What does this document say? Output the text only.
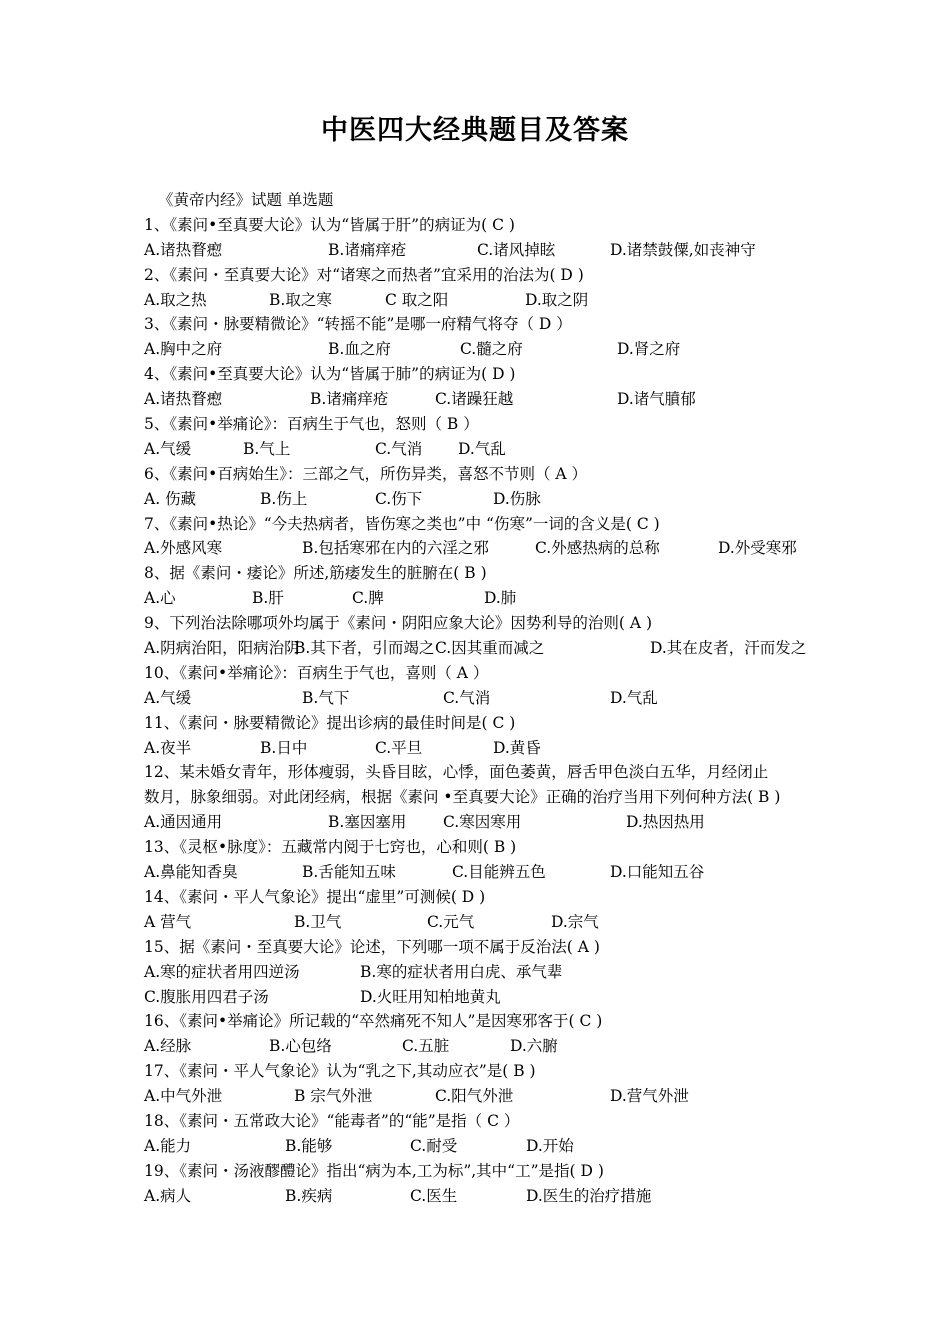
中医四大经典题目及答案
《黄帝内经》试题 单选题
1、《素问•至真要大论》认为“皆属于肝”的病证为( C )
A.诸热瞀瘛	B.诸痛痒疮	C.诸风掉眩	D.诸禁鼓僳,如丧神守
2、《素问・至真要大论》对“诸寒之而热者”宜采用的治法为( D )
A.取之热	B.取之寒	C 取之阳	D.取之阴
3、《素问・脉要精微论》“转摇不能”是哪一府精气将夺（ D ）
A.胸中之府	B.血之府	C.髓之府	D.肾之府
4、《素问•至真要大论》认为“皆属于肺”的病证为( D )
A.诸热瞀瘛	B.诸痛痒疮	C.诸躁狂越	D.诸气膹郁
5、《素问•举痛论》：百病生于气也，怒则（ B ）
A.气缓	B.气上	C.气消 D.气乱
6、《素问•百病始生》：三部之气，所伤异类，喜怒不节则（ A ）
A. 伤藏	B.伤上	C.伤下	D.伤脉
7、《素问•热论》“今夫热病者，皆伤寒之类也”中 “伤寒”一词的含义是( C )
A.外感风寒	B.包括寒邪在内的六淫之邪	C.外感热病的总称	D.外受寒邪
8、据《素问・痿论》所述,筋痿发生的脏腑在( B )
A.心	B.肝	C.脾	D.肺
9、下列治法除哪项外均属于《素问・阴阳应象大论》因势利导的治则( A )
A.阴病治阳，阳病治阴
B.其下者，引而竭之 C.因其重而减之	D.其在皮者，汗而发之
10、《素问•举痛论》：百病生于气也，喜则（ A ）
A.气缓	B.气下	C.气消	D.气乱
11、《素问・脉要精微论》提出诊病的最佳时间是( C )
A.夜半	B.日中	C.平旦	D.黄昏
12、某未婚女青年，形体瘦弱，头昏目眩，心悸，面色萎黄，唇舌甲色淡白五华，月经闭止
数月，脉象细弱。对此闭经病，根据《素问 •至真要大论》正确的治疗当用下列何种方法( B )
A.通因通用	B.塞因塞用 C.寒因寒用	D.热因热用
13、《灵枢•脉度》：五藏常内阅于七窍也，心和则( B )
A.鼻能知香臭	B.舌能知五味	C.目能辨五色	D.口能知五谷
14、《素问・平人气象论》提出“虚里”可测候( D )
A 营气	B.卫气	C.元气	D.宗气
15、据《素问・至真要大论》论述，下列哪一项不属于反治法( A )
A.寒的症状者用四逆汤	B.寒的症状者用白虎、承气辈
C.腹胀用四君子汤	D.火旺用知柏地黄丸
16、《素问•举痛论》所记载的“卒然痛死不知人”是因寒邪客于( C )
A.经脉	B.心包络	C.五脏	D.六腑
17、《素问・平人气象论》认为“乳之下,其动应衣”是( B )
A.中气外泄	B 宗气外泄	C.阳气外泄	D.营气外泄
18、《素问・五常政大论》“能毒者”的“能”是指（ C ）
A.能力	B.能够	C.耐受	D.开始
19、《素问・汤液醪醴论》指出“病为本,工为标”,其中“工”是指( D )
A.病人	B.疾病	C.医生	D.医生的治疗措施
